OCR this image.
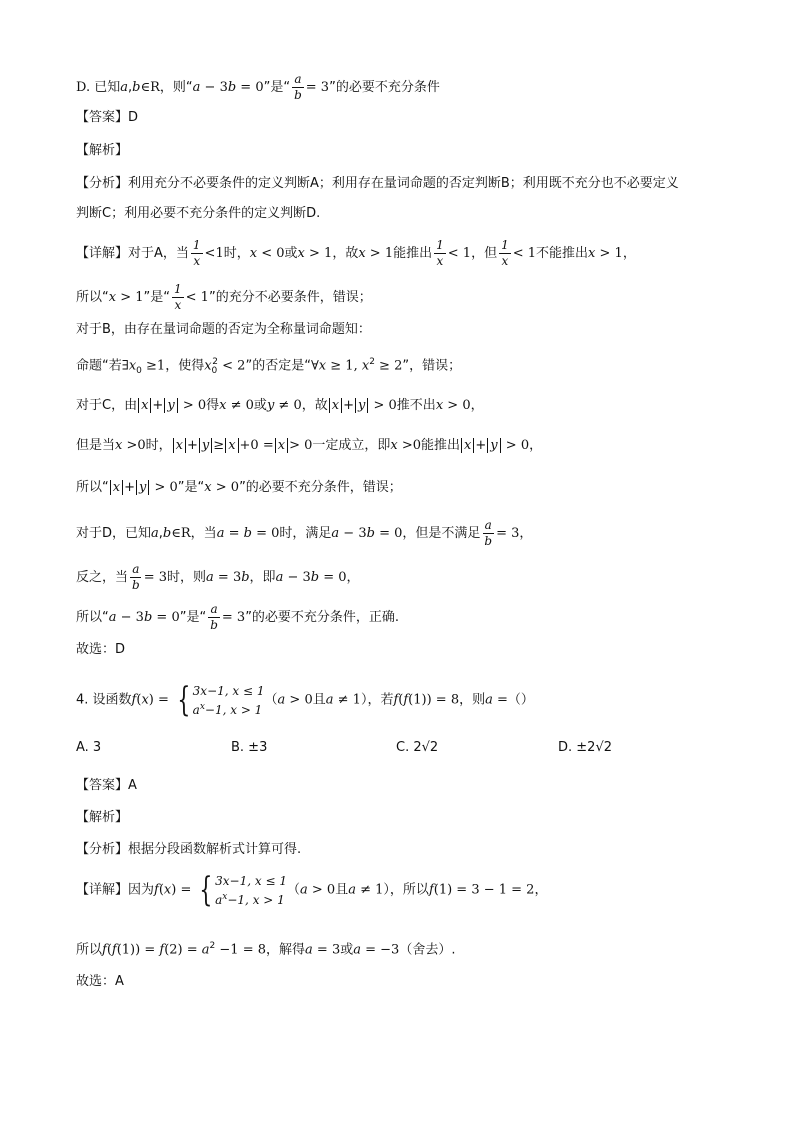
D. 已知a,b∈R，则“a − 3b = 0”是“ $\frac{a}{b} = 3$”的必要不充分条件
【答案】D
【解析】
【分析】利用充分不必要条件的定义判断A；利用存在量词命题的否定判断B；利用既不充分也不必要定义
判断C；利用必要不充分条件的定义判断D.
【详解】对于A，当 $\frac{1}{x} <1$时，x < 0或x > 1，故x > 1能推出 $\frac{1}{x} < 1$，但 $\frac{1}{x} < 1$不能推出x > 1，
所以“x > 1”是“ $\frac{1}{x} < 1$”的充分不必要条件，错误；
对于B，由存在量词命题的否定为全称量词命题知：
命题“若$\exists x_0 \ge 1$，使得$x_0^2 < 2$”的否定是“∀x ≥ 1, $x^2 \ge 2$”，错误；
对于C，由 x + y > 0得x ≠ 0或y ≠ 0，故 x + y > 0推不出x > 0，
但是当x >0时， x + y ≥ x +0 = x > 0一定成立，即x >0能推出 x + y > 0，
所以“ x + y > 0”是“x > 0”的必要不充分条件，错误；
对于D，已知a,b∈R，当a = b = 0时，满足a − 3b = 0，但是不满足 $\frac{a}{b} = 3$，
反之，当 $\frac{a}{b} = 3$时，则a = 3b，即a − 3b = 0，
所以“a − 3b = 0”是“ $\frac{a}{b} = 3$”的必要不充分条件，正确.
故选：D
4. 设函数f(x) = { 3x−1, x ≤ 1
$a^x-1$, x > 1
（a > 0且a ≠ 1），若f(f(1)) = 8，则a =（）
A. 3	B. ±3	C. 2√2	D. ±2√2
【答案】A
【解析】
【分析】根据分段函数解析式计算可得.
【详解】因为f(x) = { 3x−1, x ≤ 1
$a^x-1$, x > 1
（a > 0且a ≠ 1），所以f(1) = 3 − 1 = 2，
所以$f(f(1)) = f(2) = a^2 -1 = 8$，解得a = 3或a = −3（舍去）.
故选：A
